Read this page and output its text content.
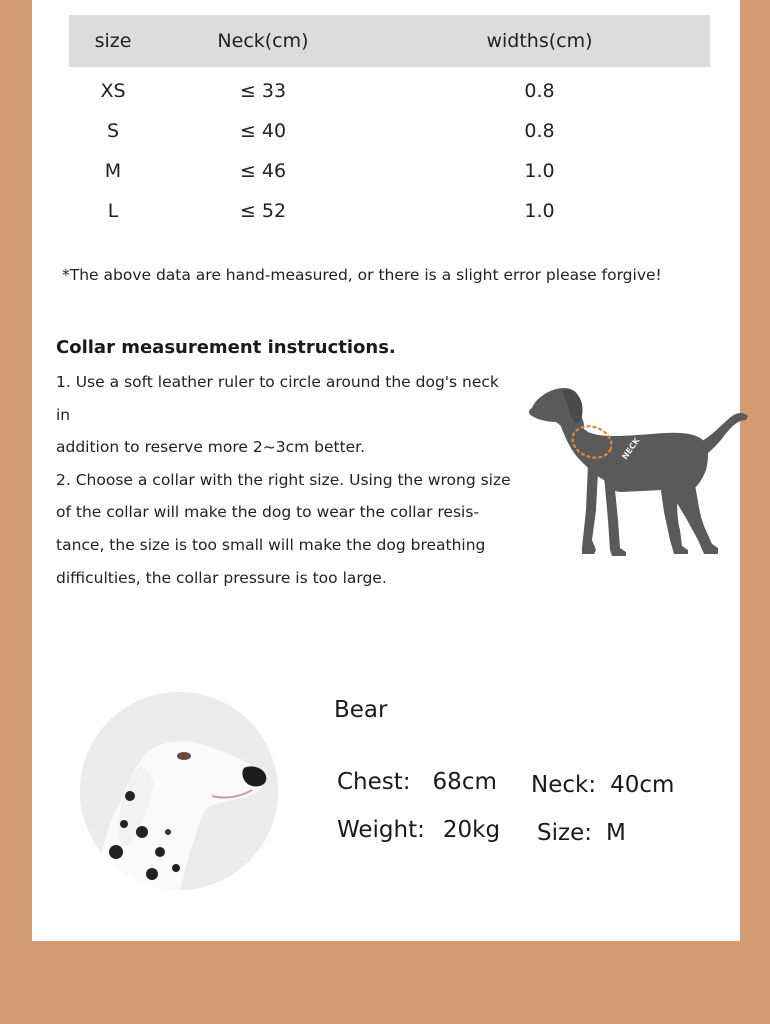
size	Neck(cm)	widths(cm)
XS	≤ 33	0.8
S	≤ 40	0.8
M	≤ 46	1.0
L	≤ 52	1.0
*The above data are hand-measured, or there is a slight error please forgive!
Collar measurement instructions.

1. Use a soft leather ruler to circle around the dog's neck in

addition to reserve more 2~3cm better.

2. Choose a collar with the right size. Using the wrong size

of the collar will make the dog to wear the collar resis-

tance, the size is too small will make the dog breathing

difficulties, the collar pressure is too large.

NECK
Bear
Chest: 68cm Neck: 40cm
Weight: 20kg Size: M
